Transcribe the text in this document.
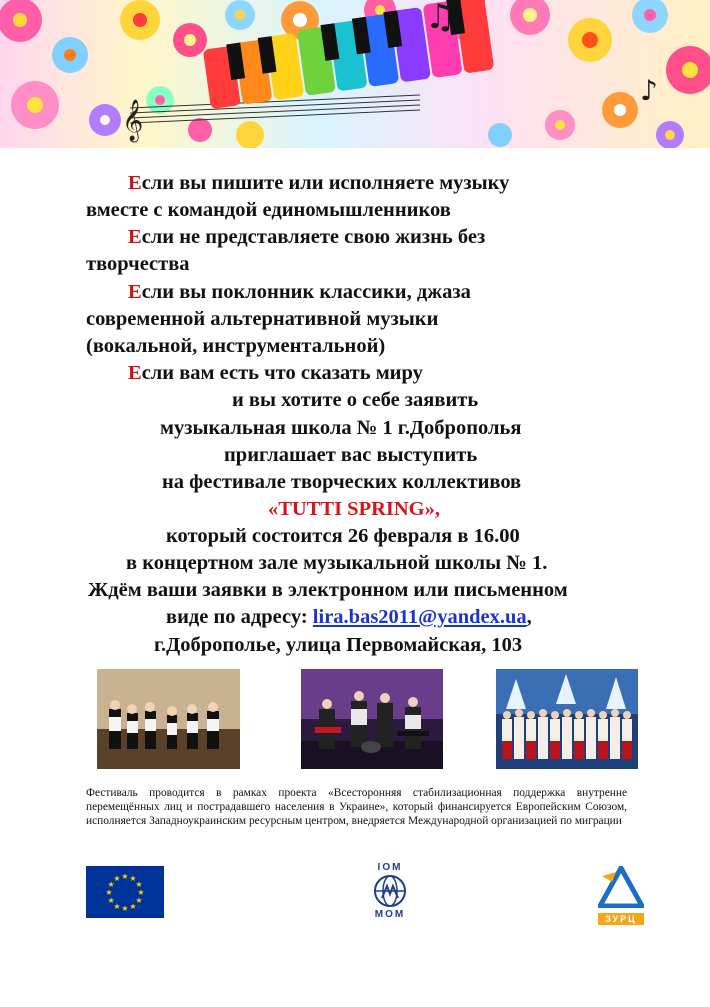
𝄞
♫
♪
Если вы пишите или исполняете музыку
вместе с командой единомышленников
Если не представляете свою жизнь без
творчества
Если вы поклонник классики, джаза
современной альтернативной музыки
(вокальной, инструментальной)
Если вам есть что сказать миру
и вы хотите о себе заявить
музыкальная школа № 1 г.Доброполья
приглашает вас выступить
на фестивале творческих коллективов
«TUTTI SPRING»,
который состоится 26 февраля в 16.00
в концертном зале музыкальной школы № 1.
Ждём ваши заявки в электронном или письменном
виде по адресу: lira.bas2011@yandex.ua,
г.Доброполье, улица Первомайская, 103
Фестиваль проводится в рамках проекта «Всесторонняя стабилизационная поддержка внутренне перемещённых лиц и пострадавшего населения в Украине», который финансируется Европейским Союзом, исполняется Западноукраинским ресурсным центром, внедряется Международной организацией по миграции
★ ★
★
★
★
★
★
★
★
★
★
★
IOM
МОМ	ЗУРЦ
